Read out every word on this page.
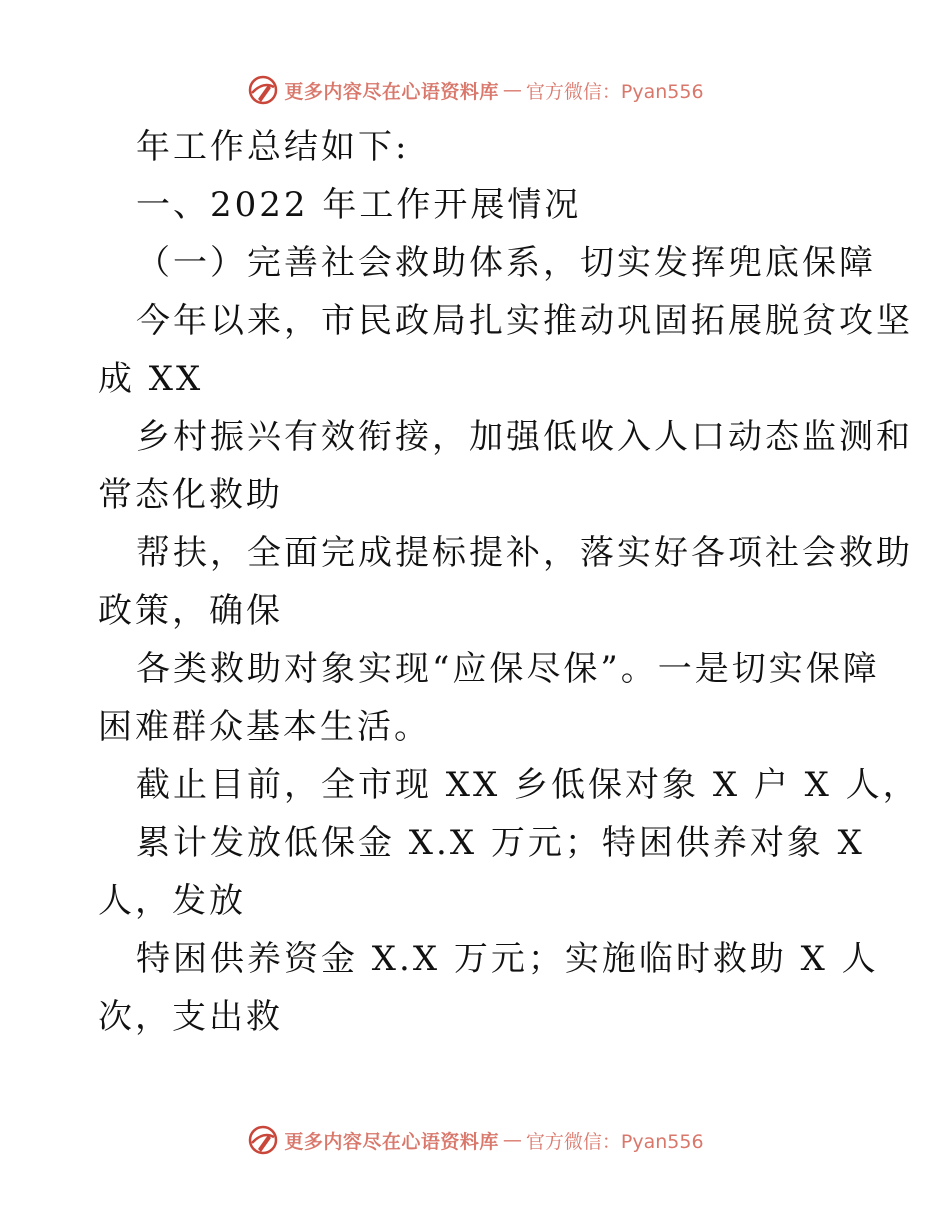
更多内容尽在心语资料库 — 官方微信：Pyan556
年工作总结如下:
一、2022 年工作开展情况
（一）完善社会救助体系，切实发挥兜底保障
今年以来，市民政局扎实推动巩固拓展脱贫攻坚
成 XX
乡村振兴有效衔接，加强低收入人口动态监测和
常态化救助
帮扶，全面完成提标提补，落实好各项社会救助
政策，确保
各类救助对象实现“应保尽保”。一是切实保障
困难群众基本生活。
截止目前，全市现 XX 乡低保对象 X 户 X 人，
累计发放低保金 X.X 万元；特困供养对象 X
人，发放
特困供养资金 X.X 万元；实施临时救助 X 人
次，支出救
更多内容尽在心语资料库 — 官方微信：Pyan556
